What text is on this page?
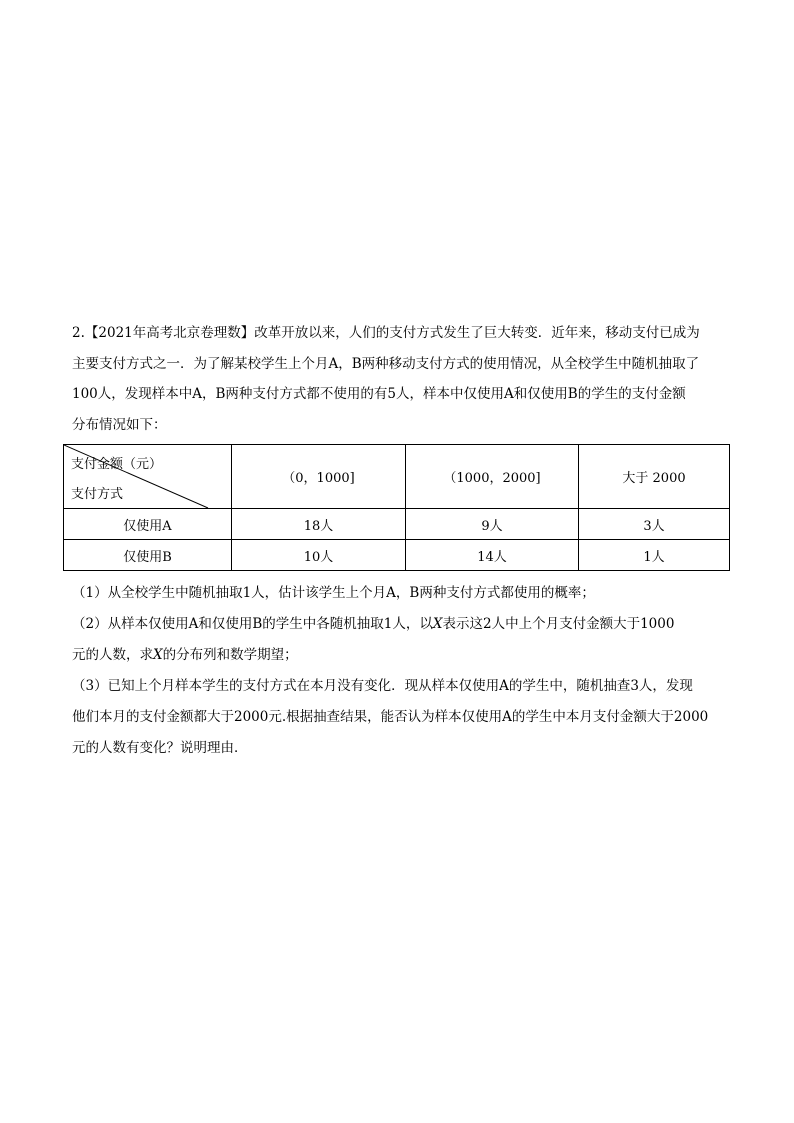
2.【2021年高考北京卷理数】改革开放以来，人们的支付方式发生了巨大转变．近年来，移动支付已成为
主要支付方式之一．为了解某校学生上个月A，B两种移动支付方式的使用情况，从全校学生中随机抽取了
100人，发现样本中A，B两种支付方式都不使用的有5人，样本中仅使用A和仅使用B的学生的支付金额
分布情况如下：
支付金额（元）
支付方式	（0，1000]	（1000，2000]	大于 2000
仅使用A	18人	9人	3人
仅使用B	10人	14人	1人

（1）从全校学生中随机抽取1人，估计该学生上个月A，B两种支付方式都使用的概率；

（2）从样本仅使用A和仅使用B的学生中各随机抽取1人，以X表示这2人中上个月支付金额大于1000

元的人数，求X的分布列和数学期望；

（3）已知上个月样本学生的支付方式在本月没有变化．现从样本仅使用A的学生中，随机抽查3人，发现

他们本月的支付金额都大于2000元.根据抽查结果，能否认为样本仅使用A的学生中本月支付金额大于2000

元的人数有变化？说明理由．
